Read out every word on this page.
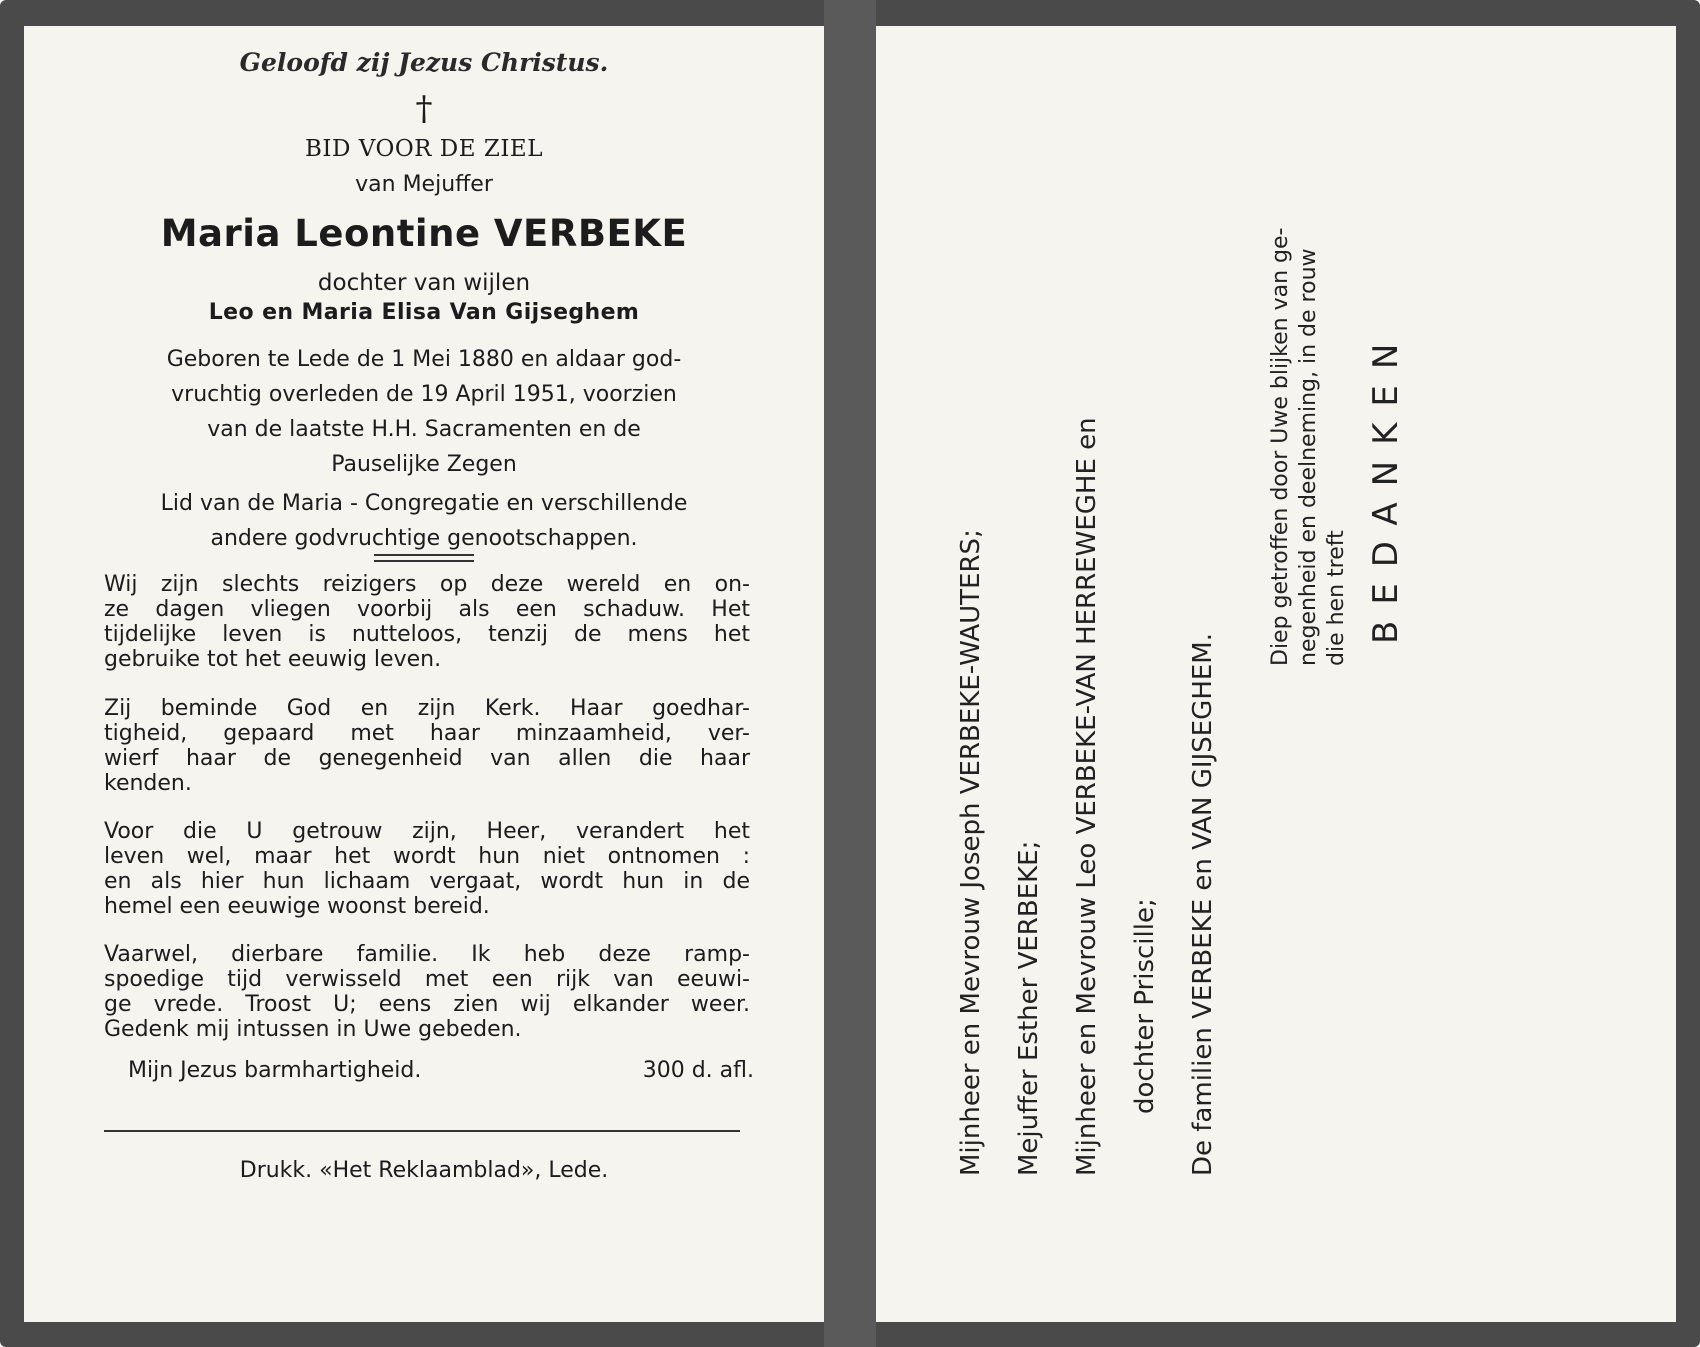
Geloofd zij Jezus Christus.
†
BID VOOR DE ZIEL
van Mejuffer
Maria Leontine VERBEKE
dochter van wijlen
Leo en Maria Elisa Van Gijseghem
Geboren te Lede de 1 Mei 1880 en aldaar god-
vruchtig overleden de 19 April 1951, voorzien
van de laatste H.H. Sacramenten en de
Pauselijke Zegen
Lid van de Maria - Congregatie en verschillende
andere godvruchtige genootschappen.
Wij zijn slechts reizigers op deze wereld en on-
ze dagen vliegen voorbij als een schaduw. Het
tijdelijke leven is nutteloos, tenzij de mens het
gebruike tot het eeuwig leven.
Zij beminde God en zijn Kerk. Haar goedhar-
tigheid, gepaard met haar minzaamheid, ver-
wierf haar de genegenheid van allen die haar
kenden.
Voor die U getrouw zijn, Heer, verandert het
leven wel, maar het wordt hun niet ontnomen :
en als hier hun lichaam vergaat, wordt hun in de
hemel een eeuwige woonst bereid.
Vaarwel, dierbare familie. Ik heb deze ramp-
spoedige tijd verwisseld met een rijk van eeuwi-
ge vrede. Troost U; eens zien wij elkander weer.
Gedenk mij intussen in Uwe gebeden.
Mijn Jezus barmhartigheid.	300 d. afl.
Drukk. «Het Reklaamblad», Lede.	Mijnheer en Mevrouw Joseph VERBEKE-WAUTERS; Mejuffer Esther VERBEKE; Mijnheer en Mevrouw Leo VERBEKE-VAN HERREWEGHE en dochter Priscille; De familien VERBEKE en VAN GIJSEGHEM.
Diep getroffen door Uwe blijken van ge- negenheid en deelneming, in de rouw die hen treft BEDANKEN
